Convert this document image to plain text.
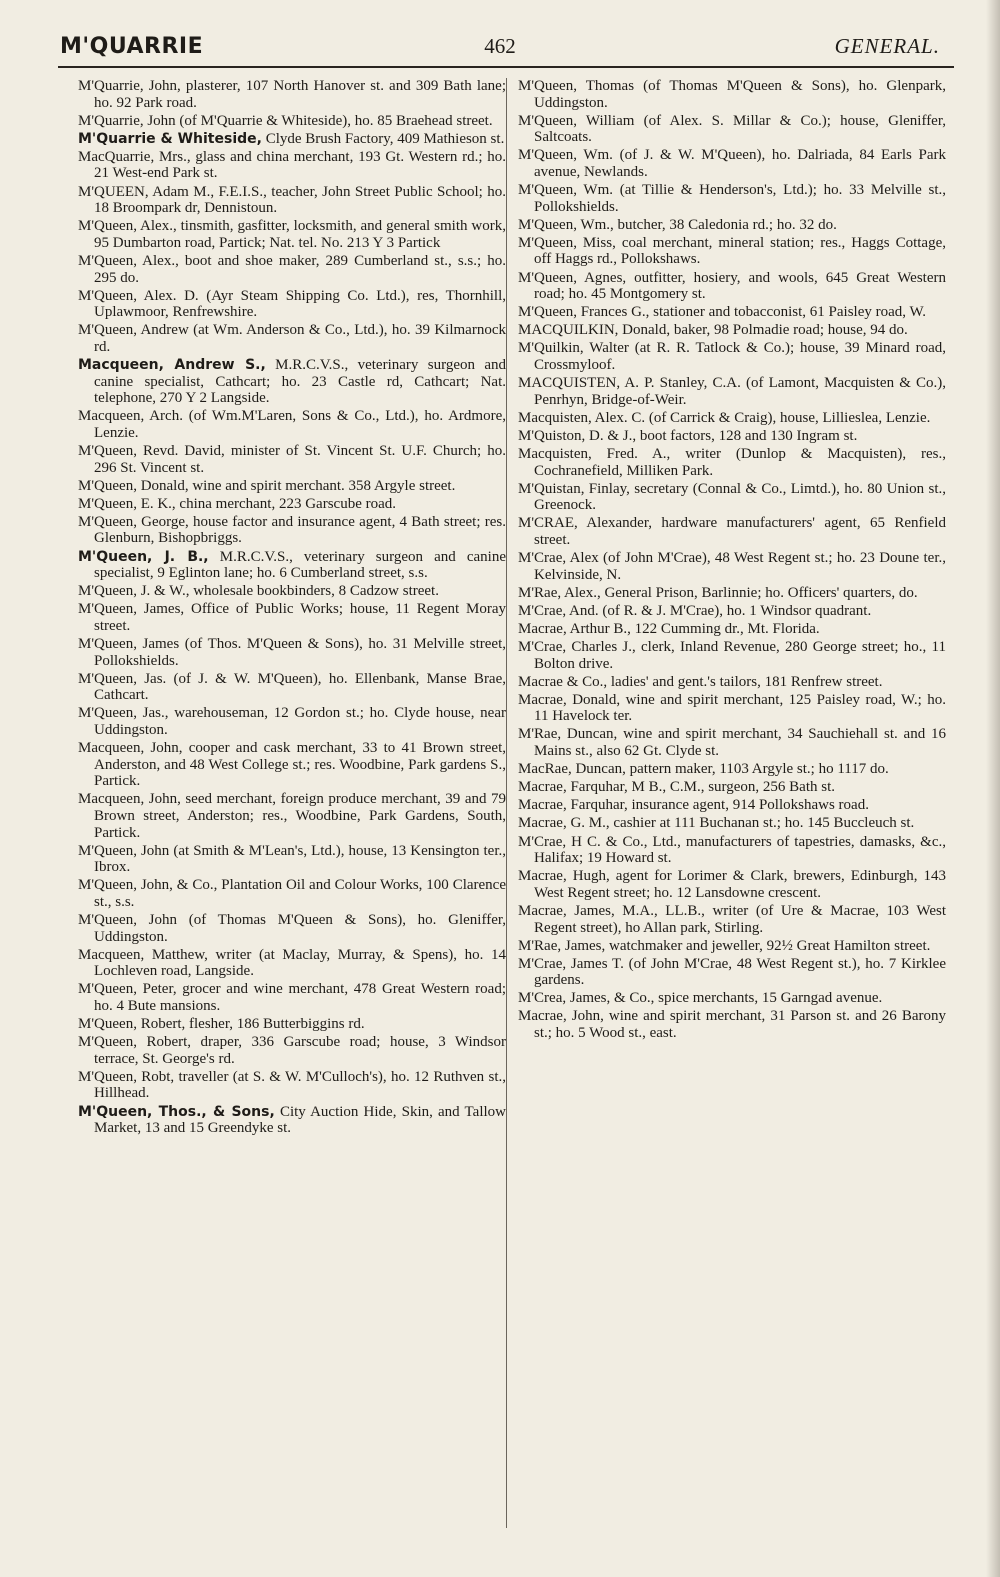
M'QUARRIE	462	GENERAL.

M'Quarrie, John, plasterer, 107 North Hanover st. and 309 Bath lane; ho. 92 Park road.

M'Quarrie, John (of M'Quarrie & Whiteside), ho. 85 Braehead street.

M'Quarrie & Whiteside, Clyde Brush Factory, 409 Mathieson st.

MacQuarrie, Mrs., glass and china merchant, 193 Gt. Western rd.; ho. 21 West-end Park st.

M'QUEEN, Adam M., F.E.I.S., teacher, John Street Public School; ho. 18 Broompark dr, Dennistoun.

M'Queen, Alex., tinsmith, gasfitter, locksmith, and general smith work, 95 Dumbarton road, Partick; Nat. tel. No. 213 Y 3 Partick

M'Queen, Alex., boot and shoe maker, 289 Cumberland st., s.s.; ho. 295 do.

M'Queen, Alex. D. (Ayr Steam Shipping Co. Ltd.), res, Thornhill, Uplawmoor, Renfrewshire.

M'Queen, Andrew (at Wm. Anderson & Co., Ltd.), ho. 39 Kilmarnock rd.

Macqueen, Andrew S., M.R.C.V.S., veterinary surgeon and canine specialist, Cathcart; ho. 23 Castle rd, Cathcart; Nat. telephone, 270 Y 2 Langside.

Macqueen, Arch. (of Wm.M'Laren, Sons & Co., Ltd.), ho. Ardmore, Lenzie.

M'Queen, Revd. David, minister of St. Vincent St. U.F. Church; ho. 296 St. Vincent st.

M'Queen, Donald, wine and spirit merchant. 358 Argyle street.

M'Queen, E. K., china merchant, 223 Garscube road.

M'Queen, George, house factor and insurance agent, 4 Bath street; res. Glenburn, Bishopbriggs.

M'Queen, J. B., M.R.C.V.S., veterinary surgeon and canine specialist, 9 Eglinton lane; ho. 6 Cumberland street, s.s.

M'Queen, J. & W., wholesale bookbinders, 8 Cadzow street.

M'Queen, James, Office of Public Works; house, 11 Regent Moray street.

M'Queen, James (of Thos. M'Queen & Sons), ho. 31 Melville street, Pollokshields.

M'Queen, Jas. (of J. & W. M'Queen), ho. Ellenbank, Manse Brae, Cathcart.

M'Queen, Jas., warehouseman, 12 Gordon st.; ho. Clyde house, near Uddingston.

Macqueen, John, cooper and cask merchant, 33 to 41 Brown street, Anderston, and 48 West College st.; res. Woodbine, Park gardens S., Partick.

Macqueen, John, seed merchant, foreign produce merchant, 39 and 79 Brown street, Anderston; res., Woodbine, Park Gardens, South, Partick.

M'Queen, John (at Smith & M'Lean's, Ltd.), house, 13 Kensington ter., Ibrox.

M'Queen, John, & Co., Plantation Oil and Colour Works, 100 Clarence st., s.s.

M'Queen, John (of Thomas M'Queen & Sons), ho. Gleniffer, Uddingston.

Macqueen, Matthew, writer (at Maclay, Murray, & Spens), ho. 14 Lochleven road, Langside.

M'Queen, Peter, grocer and wine merchant, 478 Great Western road; ho. 4 Bute mansions.

M'Queen, Robert, flesher, 186 Butterbiggins rd.

M'Queen, Robert, draper, 336 Garscube road; house, 3 Windsor terrace, St. George's rd.

M'Queen, Robt, traveller (at S. & W. M'Culloch's), ho. 12 Ruthven st., Hillhead.

M'Queen, Thos., & Sons, City Auction Hide, Skin, and Tallow Market, 13 and 15 Greendyke st.

M'Queen, Thomas (of Thomas M'Queen & Sons), ho. Glenpark, Uddingston.

M'Queen, William (of Alex. S. Millar & Co.); house, Gleniffer, Saltcoats.

M'Queen, Wm. (of J. & W. M'Queen), ho. Dalriada, 84 Earls Park avenue, Newlands.

M'Queen, Wm. (at Tillie & Henderson's, Ltd.); ho. 33 Melville st., Pollokshields.

M'Queen, Wm., butcher, 38 Caledonia rd.; ho. 32 do.

M'Queen, Miss, coal merchant, mineral station; res., Haggs Cottage, off Haggs rd., Pollokshaws.

M'Queen, Agnes, outfitter, hosiery, and wools, 645 Great Western road; ho. 45 Montgomery st.

M'Queen, Frances G., stationer and tobacconist, 61 Paisley road, W.

MACQUILKIN, Donald, baker, 98 Polmadie road; house, 94 do.

M'Quilkin, Walter (at R. R. Tatlock & Co.); house, 39 Minard road, Crossmyloof.

MACQUISTEN, A. P. Stanley, C.A. (of Lamont, Macquisten & Co.), Penrhyn, Bridge-of-Weir.

Macquisten, Alex. C. (of Carrick & Craig), house, Lillieslea, Lenzie.

M'Quiston, D. & J., boot factors, 128 and 130 Ingram st.

Macquisten, Fred. A., writer (Dunlop & Macquisten), res., Cochranefield, Milliken Park.

M'Quistan, Finlay, secretary (Connal & Co., Limtd.), ho. 80 Union st., Greenock.

M'CRAE, Alexander, hardware manufacturers' agent, 65 Renfield street.

M'Crae, Alex (of John M'Crae), 48 West Regent st.; ho. 23 Doune ter., Kelvinside, N.

M'Rae, Alex., General Prison, Barlinnie; ho. Officers' quarters, do.

M'Crae, And. (of R. & J. M'Crae), ho. 1 Windsor quadrant.

Macrae, Arthur B., 122 Cumming dr., Mt. Florida.

M'Crae, Charles J., clerk, Inland Revenue, 280 George street; ho., 11 Bolton drive.

Macrae & Co., ladies' and gent.'s tailors, 181 Renfrew street.

Macrae, Donald, wine and spirit merchant, 125 Paisley road, W.; ho. 11 Havelock ter.

M'Rae, Duncan, wine and spirit merchant, 34 Sauchiehall st. and 16 Mains st., also 62 Gt. Clyde st.

MacRae, Duncan, pattern maker, 1103 Argyle st.; ho 1117 do.

Macrae, Farquhar, M B., C.M., surgeon, 256 Bath st.

Macrae, Farquhar, insurance agent, 914 Pollokshaws road.

Macrae, G. M., cashier at 111 Buchanan st.; ho. 145 Buccleuch st.

M'Crae, H C. & Co., Ltd., manufacturers of tapestries, damasks, &c., Halifax; 19 Howard st.

Macrae, Hugh, agent for Lorimer & Clark, brewers, Edinburgh, 143 West Regent street; ho. 12 Lansdowne crescent.

Macrae, James, M.A., LL.B., writer (of Ure & Macrae, 103 West Regent street), ho Allan park, Stirling.

M'Rae, James, watchmaker and jeweller, 92½ Great Hamilton street.

M'Crae, James T. (of John M'Crae, 48 West Regent st.), ho. 7 Kirklee gardens.

M'Crea, James, & Co., spice merchants, 15 Garngad avenue.

Macrae, John, wine and spirit merchant, 31 Parson st. and 26 Barony st.; ho. 5 Wood st., east.
